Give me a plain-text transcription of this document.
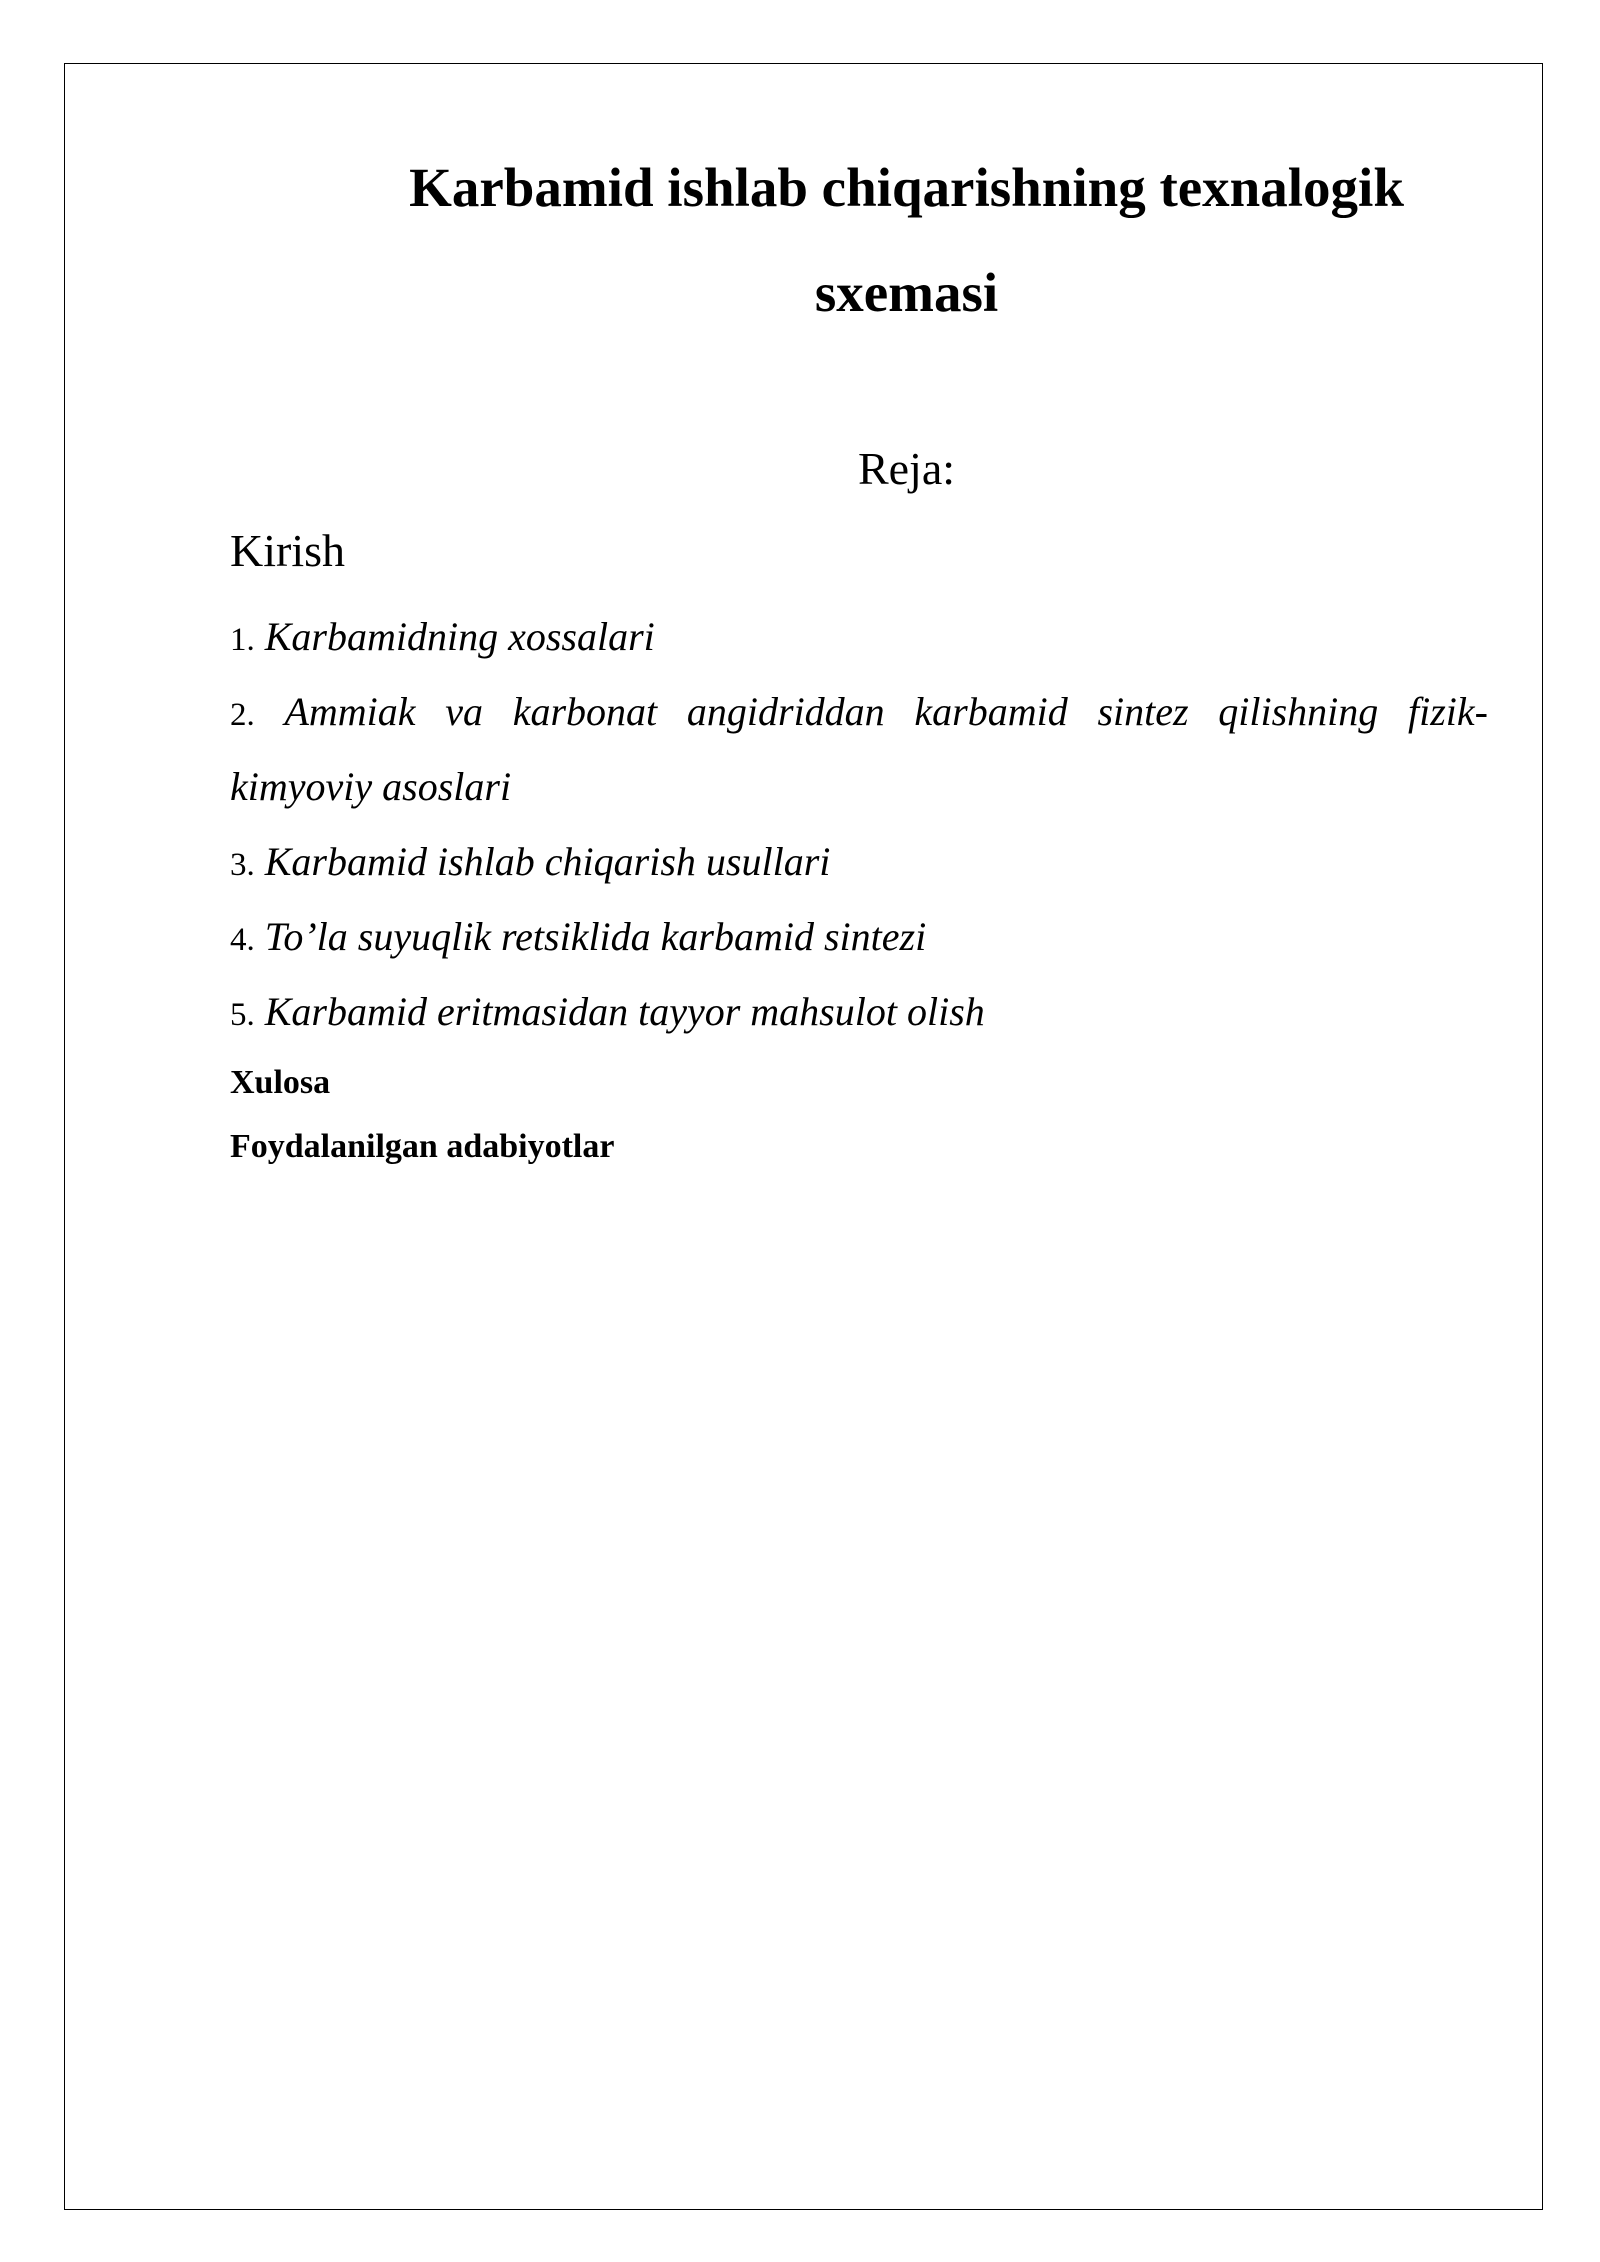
Karbamid ishlab chiqarishning texnalogik
sxemasi
Reja:
Kirish
1. Karbamidning xossalari
2. Ammiak va karbonat angidriddan karbamid sintez qilishning fizik-
kimyoviy asoslari
3. Karbamid ishlab chiqarish usullari
4. To’la suyuqlik retsiklida karbamid sintezi
5. Karbamid eritmasidan tayyor mahsulot olish
Xulosa
Foydalanilgan adabiyotlar
